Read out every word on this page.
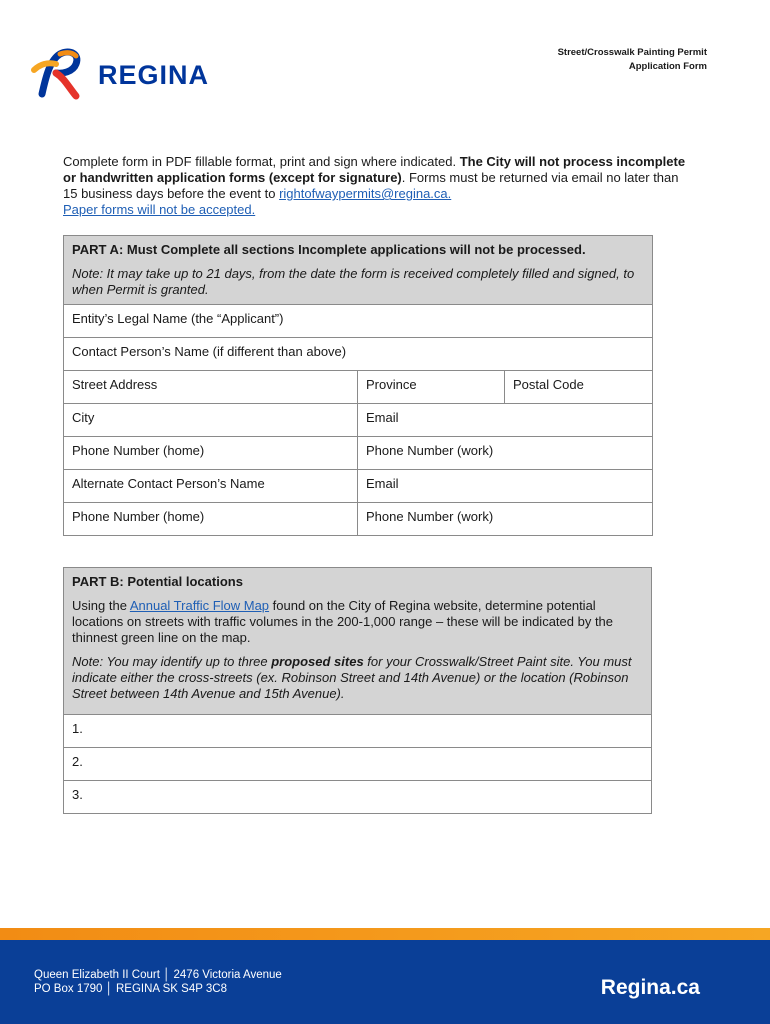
REGINA
Street/Crosswalk Painting Permit
Application Form
Complete form in PDF fillable format, print and sign where indicated. The City will not process incomplete or handwritten application forms (except for signature). Forms must be returned via email no later than 15 business days before the event to rightofwaypermits@regina.ca.
Paper forms will not be accepted.
PART A: Must Complete all sections Incomplete applications will not be processed.
Note: It may take up to 21 days, from the date the form is received completely filled and signed, to when Permit is granted.		

Entity’s Legal Name (the “Applicant”)		
Contact Person’s Name (if different than above)		
Street Address	Province	Postal Code
City	Email	
Phone Number (home)	Phone Number (work)	
Alternate Contact Person’s Name	Email	
Phone Number (home)	Phone Number (work)	
PART B: Potential locations
Using the Annual Traffic Flow Map found on the City of Regina website, determine potential locations on streets with traffic volumes in the 200-1,000 range – these will be indicated by the thinnest green line on the map.
Note: You may identify up to three proposed sites for your Crosswalk/Street Paint site. You must indicate either the cross-streets (ex. Robinson Street and 14th Avenue) or the location (Robinson Street between 14th Avenue and 15th Avenue).

1.
2.
3.
Queen Elizabeth II Court │ 2476 Victoria Avenue
PO Box 1790 │ REGINA SK S4P 3C8	Regina.ca
